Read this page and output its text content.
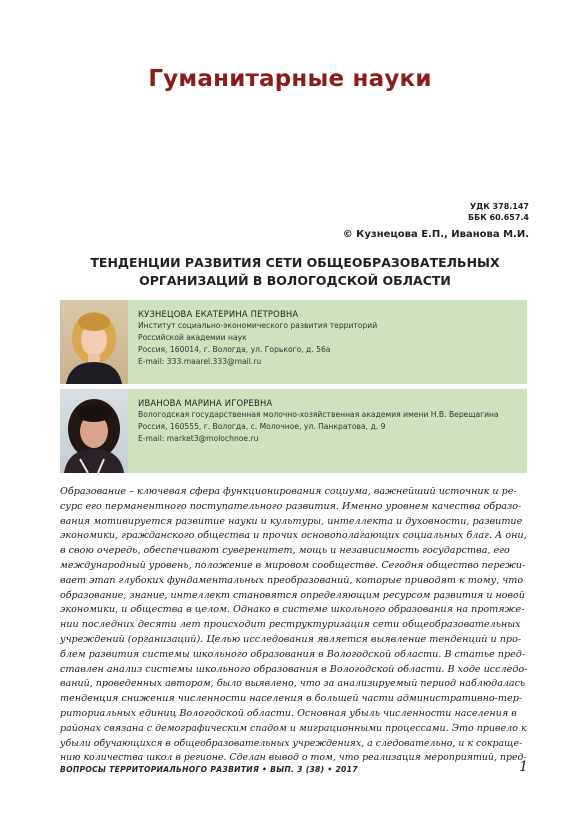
Гуманитарные науки
УДК 378.147
ББК 60.657.4
© Кузнецова Е.П., Иванова М.И.
ТЕНДЕНЦИИ РАЗВИТИЯ СЕТИ ОБЩЕОБРАЗОВАТЕЛЬНЫХ
ОРГАНИЗАЦИЙ В ВОЛОГОДСКОЙ ОБЛАСТИ
КУЗНЕЦОВА ЕКАТЕРИНА ПЕТРОВНА
Институт социально-экономического развития территорий
Российской академии наук
Россия, 160014, г. Вологда, ул. Горького, д. 56а
E-mail: 333.maarel.333@mail.ru
ИВАНОВА МАРИНА ИГОРЕВНА
Вологодская государственная молочно-хозяйственная академия имени Н.В. Верещагина
Россия, 160555, г. Вологда, с. Молочное, ул. Панкратова, д. 9
E-mail: market3@molochnoe.ru
Образование – ключевая сфера функционирования социума, важнейший источник и ре-
сурс его перманентного поступательного развития. Именно уровнем качества образо-
вания мотивируется развитие науки и культуры, интеллекта и духовности, развитие
экономики, гражданского общества и прочих основополагающих социальных благ. А они,
в свою очередь, обеспечивают суверенитет, мощь и независимость государства, его
международный уровень, положение в мировом сообществе. Сегодня общество пережи-
вает этап глубоких фундаментальных преобразований, которые приводят к тому, что
образование, знание, интеллект становятся определяющим ресурсом развития и новой
экономики, и общества в целом. Однако в системе школьного образования на протяже-
нии последних десяти лет происходит реструктуризация сети общеобразовательных
учреждений (организаций). Целью исследования является выявление тенденций и про-
блем развития системы школьного образования в Вологодской области. В статье пред-
ставлен анализ системы школьного образования в Вологодской области. В ходе исследо-
ваний, проведенных автором, было выявлено, что за анализируемый период наблюдалась
тенденция снижения численности населения в большей части административно-тер-
риториальных единиц Вологодской области. Основная убыль численности населения в
районах связана с демографическим спадом и миграционными процессами. Это привело к
убыли обучающихся в общеобразовательных учреждениях, а следовательно, и к сокраще-
нию количества школ в регионе. Сделан вывод о том, что реализация мероприятий, пред-
ВОПРОСЫ ТЕРРИТОРИАЛЬНОГО РАЗВИТИЯ • ВЫП. 3 (38) • 2017	1
